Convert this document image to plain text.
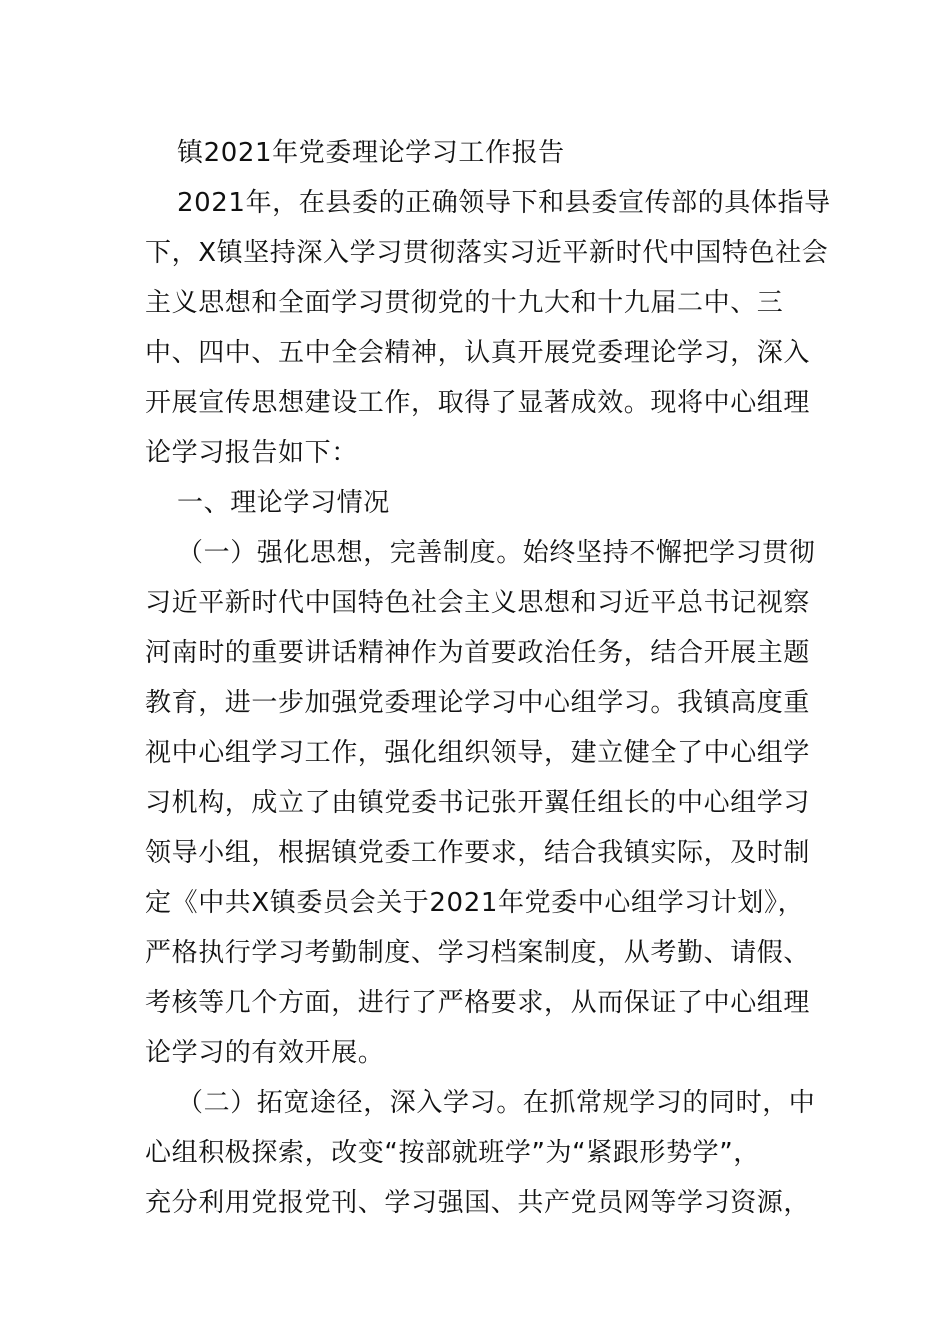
镇2021年党委理论学习工作报告
2021年，在县委的正确领导下和县委宣传部的具体指导
下，X镇坚持深入学习贯彻落实习近平新时代中国特色社会
主义思想和全面学习贯彻党的十九大和十九届二中、三
中、四中、五中全会精神，认真开展党委理论学习，深入
开展宣传思想建设工作，取得了显著成效。现将中心组理
论学习报告如下：
一、理论学习情况
（一）强化思想，完善制度。始终坚持不懈把学习贯彻
习近平新时代中国特色社会主义思想和习近平总书记视察
河南时的重要讲话精神作为首要政治任务，结合开展主题
教育，进一步加强党委理论学习中心组学习。我镇高度重
视中心组学习工作，强化组织领导，建立健全了中心组学
习机构，成立了由镇党委书记张开翼任组长的中心组学习
领导小组，根据镇党委工作要求，结合我镇实际，及时制
定《中共X镇委员会关于2021年党委中心组学习计划》，
严格执行学习考勤制度、学习档案制度，从考勤、请假、
考核等几个方面，进行了严格要求，从而保证了中心组理
论学习的有效开展。
（二）拓宽途径，深入学习。在抓常规学习的同时，中
心组积极探索，改变“按部就班学”为“紧跟形势学”，
充分利用党报党刊、学习强国、共产党员网等学习资源，
